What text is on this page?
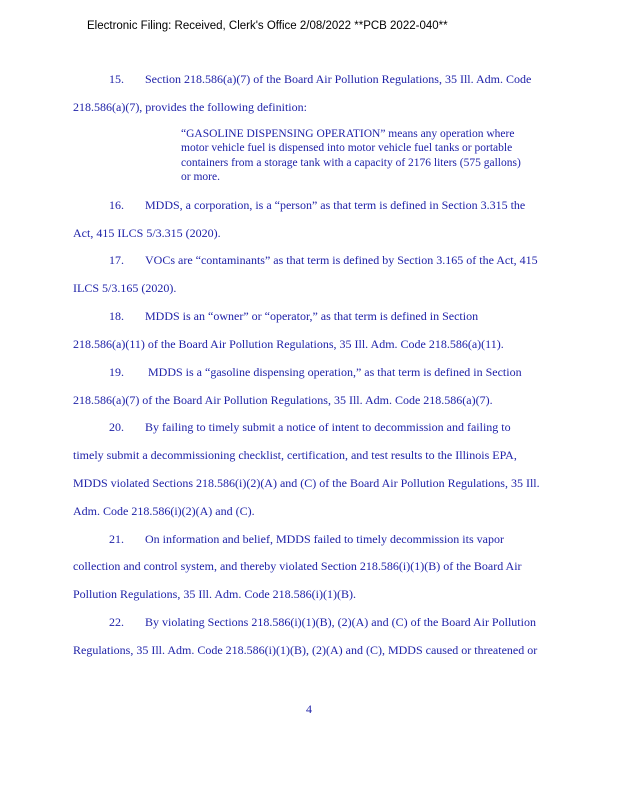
Electronic Filing: Received, Clerk's Office 2/08/2022 **PCB 2022-040**
15. Section 218.586(a)(7) of the Board Air Pollution Regulations, 35 Ill. Adm. Code
218.586(a)(7), provides the following definition:
“GASOLINE DISPENSING OPERATION” means any operation where
motor vehicle fuel is dispensed into motor vehicle fuel tanks or portable
containers from a storage tank with a capacity of 2176 liters (575 gallons)
or more.
16. MDDS, a corporation, is a “person” as that term is defined in Section 3.315 the
Act, 415 ILCS 5/3.315 (2020).
17. VOCs are “contaminants” as that term is defined by Section 3.165 of the Act, 415
ILCS 5/3.165 (2020).
18. MDDS is an “owner” or “operator,” as that term is defined in Section
218.586(a)(11) of the Board Air Pollution Regulations, 35 Ill. Adm. Code 218.586(a)(11).
19. MDDS is a “gasoline dispensing operation,” as that term is defined in Section
218.586(a)(7) of the Board Air Pollution Regulations, 35 Ill. Adm. Code 218.586(a)(7).
20. By failing to timely submit a notice of intent to decommission and failing to
timely submit a decommissioning checklist, certification, and test results to the Illinois EPA,
MDDS violated Sections 218.586(i)(2)(A) and (C) of the Board Air Pollution Regulations, 35 Ill.
Adm. Code 218.586(i)(2)(A) and (C).
21. On information and belief, MDDS failed to timely decommission its vapor
collection and control system, and thereby violated Section 218.586(i)(1)(B) of the Board Air
Pollution Regulations, 35 Ill. Adm. Code 218.586(i)(1)(B).
22. By violating Sections 218.586(i)(1)(B), (2)(A) and (C) of the Board Air Pollution
Regulations, 35 Ill. Adm. Code 218.586(i)(1)(B), (2)(A) and (C), MDDS caused or threatened or
4
